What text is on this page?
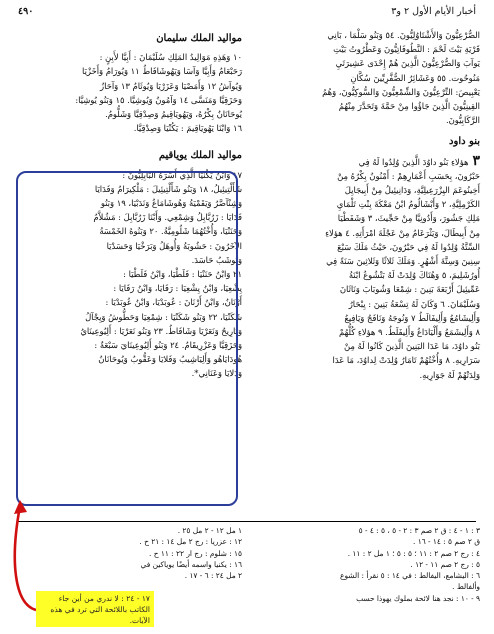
٤٩٠	أخبار الأيام الأول ٢ و٣

الصُّرْعِيُّونَ وَالأَشْتَاوُلِيُّونَ. ٥٤ وَبَنُو سَلْمَا ، بَانِي

قَرْيَةِ بَيْتَ لَحْمَ : النَّطُوفَاتِيُّونَ وَعَطْرُوتُ بَيْتِ

يَوآبَ وَالصُّرْعِيُّونَ الَّذِينَ هُمْ إِحْدَى عَشِيرَتَيِ

مَنُوحُوت. ٥٥ وَعَشَائِرُ الصُّفَّرِيِّينَ سُكَّانِ

يَعْبِيصَ: التِّرْعِيُّونَ وَالشِّمْعِيُّونَ وَالسُّوكِيُّونَ، وَهُمُ

القِينِيُّونَ الَّذِينَ جَاؤُوا مِنْ حَمَّةَ وَتَحَدَّرَ مِنْهُمُ

الرَّكَابِيُّونَ.

بنو داود

٣هؤلاءِ بَنُو داوُدَ الَّذِينَ وُلِدُوا لَهُ فِي

حَبْرُونَ، بِحَسَبِ أَعْمَارِهِمْ : أَمْنُونُ بِكْرُهُ مِنْ

أَخِينُوعَمَ اليِزْرَعِيلِيَّةِ، وَدَانِيئِيلُ مِنْ أَبِيجَايِلَ

الكَرْمِلِيَّةِ، ٢ وَأَبْشَالُومُ ابْنُ مَعْكَةَ بِنْتِ تَلْمَايِ

مَلِكِ جَشُورَ، وَأَدُونِيَّا مِنْ حَجِّيثَ، ٣ وَشَفَطْيَا

مِنْ أَبِيطَالَ، وَيَثْرَعَامُ مِنْ عَجْلَةَ امْرَأَتِهِ. ٤ هؤلاءِ

السِّتَّةُ وُلِدُوا لَهُ فِي حَبْرُونَ، حَيْثُ مَلَكَ سَبْعَ

سِنِينَ وَسِتَّةَ أَشْهُرٍ. وَمَلَكَ ثَلاثًا وَثَلاثِينَ سَنَةً فِي

أُورُشَلِيمَ، ٥ وَهُنَاكَ وُلِدَتْ لَهُ بَتْشُوعُ ابْنَةُ

عَمِّيئِيلَ أَرْبَعَةَ بَنِينَ : شِمْعَا وَشُوبَابَ وَنَاثَانَ

وَسُلَيْمَانَ. ٦ وَكَانَ لَهُ تِسْعَةُ بَنِينَ : يِبْحَارُ

وَأَلِيشَامُعُ وَأَلِيفَالَطُ ٧ وَنُوجَهُ وَنَافَجُ وَيَافِيعُ

٨ وَأَلِيشَمَعُ وَأَلْيَادَاعُ وَأَلِيفَلَطُ. ٩ هؤلاءِ كُلُّهُمْ

بَنُو داوُدَ، مَا عَدَا البَنِينَ الَّذِينَ كَانُوا لَهُ مِنْ

سَرَارِيهِ. ٨ وَأُخْتُهُمْ تَامَارُ وُلِدَتْ لِداوُدَ، مَا عَدَا

وَلِدَتْهُمْ لَهُ جَوَارِيهِ.

مواليد الملك سليمان

١٠ وَهَذِهِ مَوَالِيدُ المَلِكِ سُلَيْمَانَ : أَبِيَّا لأَبِنٍ :

رَحَبْعَامُ وَأَبِيَّا وَآسَا وَيَهُوشَافَاطُ ١١ وَيُورَامُ وَأَخَزْيَا

وَيُوآشُ ١٢ وَأَمَصْيَا وَعَزَرْيَا وَيُوثَامُ ١٣ وَآحَازُ

وَحَزَقِيَّا وَمَنَسَّى ١٤ وَآمُونُ وَيُوشِيَّا. ١٥ وَبَنُو يُوشِيَّا:

يُوحَانَانُ بِكْرُهُ، وَيَهُويَاقِيمُ وَصِدْقِيَّا وَشَلُّومُ.

١٦ وَابْنَا يَهُويَاقِيمَ : يَكُنْيَا وَصِدْقِيَّا.

مواليد الملك يوياقيم

١٧ وَابْنُ يَكُنْيَا الَّذِي أَسَرَهُ البَابِلِيُّونَ :

شَأَلْتِيئِيلُ، ١٨ وَبَنُو شَأَلْتِيئِيلَ : مَلْكِيرَامُ وَفَدَايَا

وَشِنْآصَّرُ وَيَقَمْيَةُ وَهُوشَامَاعُ وَنَدَبْيَا، ١٩ وَبَنُو

فَدَايَا : زَرُبَّابِلُ وَشِمْعِي. وَأَبْنَا زَرُبَّابِلَ : مَشُلاَّمُ

وَحَنَنْيَا، وَأُخْتُهُمَا شَلُومِيَّةُ. ٢٠ وَبَنُوهُ الخَمْسَةُ

الآخَرُونَ : حَشُوبَةُ وَأُوهَلُ وَبَرَخْيَا وَحَسَدْيَا

وَيُوشَبُ حَاسَدَ.

٢١ وَابْنُ حَنَنْيَا : فَلَطْيَا، وَابْنُ فَلَطْيَا :

يِشْعِيَا، وَابْنُ يِشْعِيَا : رَفَايَا، وَابْنُ رَفَايَا :

أَرْنَانُ، وَابْنُ أَرْنَانَ : عُوبَدْيَا، وَابْنُ عُوبَدْيَا :

شَكَنْيَا، ٢٢ وَبَنُو شَكَنْيَا : شِمْعِيَا وَحَطُّوشُ وَيِجْآلُ

وَبَارِيحُ وَنَعَرْيَا وَشَافَاطُ. ٢٣ وَبَنُو نَعَرْيَا : أَلِيُوعِينَايُ

وَحَزَقِيَّا وَعَزْرِيقَامُ. ٢٤ وَبَنُو أَلِيُوعِينَايَ سَبْعَةٌ :

هُودَايَاهُو وَأَلِيَاشِيبُ وَفَلايَا وَعَقُّوبُ وَيُوحَانَانُ

وَدَلايَا وَعَنَانِي*.

٣ : ١ - ٤ : ق ٢ صم ٣ : ٢ - ٥ ، ٥ : ٤ - ٥

ق ٢ صم ٥ : ١٤ - ١٦ .

٤ : رج ٢ صم ٢ : ١١ ؛ ٥ : ٥ ؛ ١ مل ٢ : ١١ .

٥ : رج ٢ صم ١١ - ١٢ .

٦ : اليشامع، اليفالط : في ١٤ : ٥ نقرأ : الشوع

وألفالط .

٩ - ١٠ : نجد هنا لائحة بملوك يهوذا حسب

١ مل ١٢ - ٢ مل ٢٥ .

١٢ : عزريا : رج ٢ مل ١٤ : ٢١ ح .

١٥ : شلوم : رج ار ٢٢ : ١١ ح .

١٦ : يكنيا واسمه أيضًا يوياكين في

٢ مل ٢٤ : ٦ - ١٧ .

١٧ - ٢٤ : لا ندري من أين جاء الكاتب باللائحة التي ترد في هذه الآيات.
